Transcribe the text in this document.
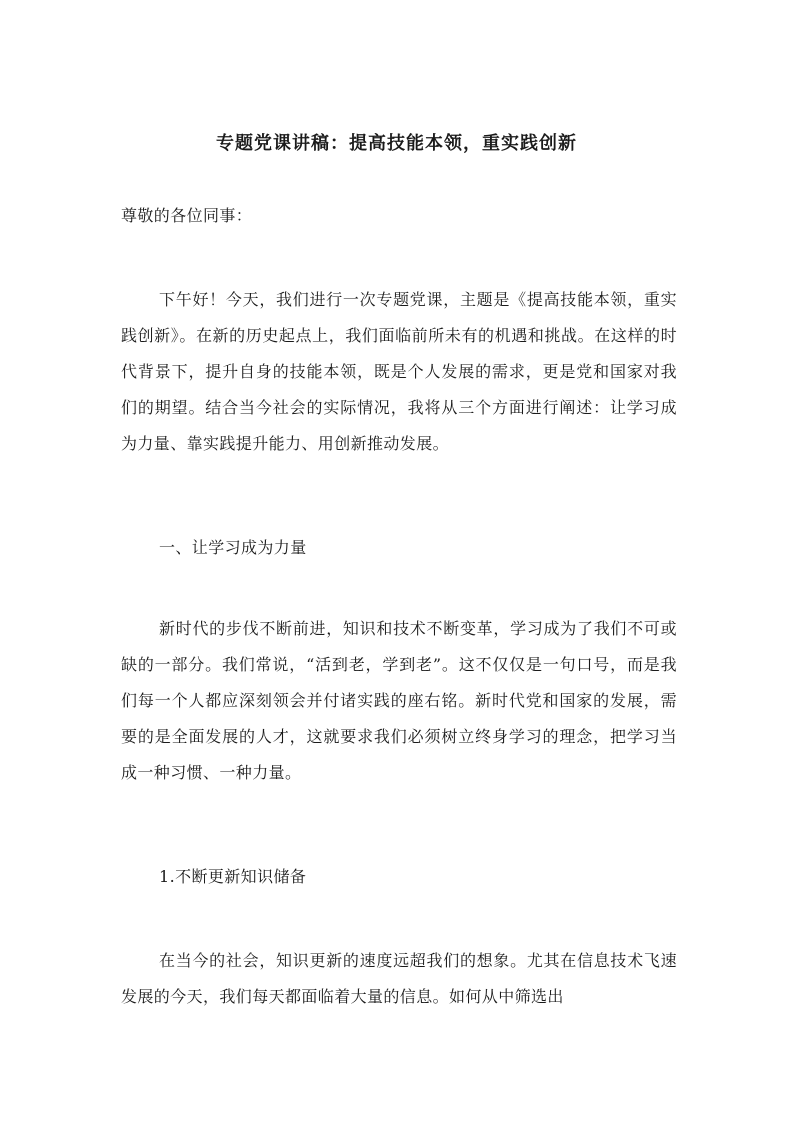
专题党课讲稿：提高技能本领，重实践创新
尊敬的各位同事：
下午好！今天，我们进行一次专题党课，主题是《提高技能本领，重实践创新》。在新的历史起点上，我们面临前所未有的机遇和挑战。在这样的时代背景下，提升自身的技能本领，既是个人发展的需求，更是党和国家对我们的期望。结合当今社会的实际情况，我将从三个方面进行阐述：让学习成为力量、靠实践提升能力、用创新推动发展。
一、让学习成为力量
新时代的步伐不断前进，知识和技术不断变革，学习成为了我们不可或缺的一部分。我们常说，“活到老，学到老”。这不仅仅是一句口号，而是我们每一个人都应深刻领会并付诸实践的座右铭。新时代党和国家的发展，需要的是全面发展的人才，这就要求我们必须树立终身学习的理念，把学习当成一种习惯、一种力量。
1.不断更新知识储备
在当今的社会，知识更新的速度远超我们的想象。尤其在信息技术飞速发展的今天，我们每天都面临着大量的信息。如何从中筛选出
